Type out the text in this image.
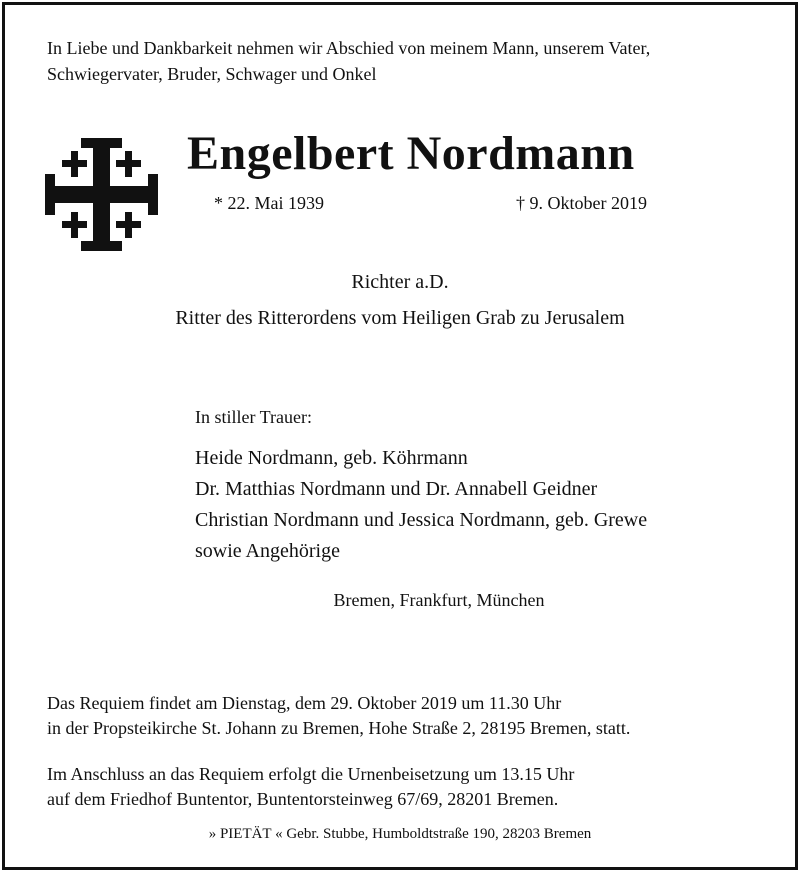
In Liebe und Dankbarkeit nehmen wir Abschied von meinem Mann, unserem Vater,
Schwiegervater, Bruder, Schwager und Onkel
Engelbert Nordmann
* 22. Mai 1939	† 9. Oktober 2019
Richter a.D.
Ritter des Ritterordens vom Heiligen Grab zu Jerusalem
In stiller Trauer:
Heide Nordmann, geb. Köhrmann
Dr. Matthias Nordmann und Dr. Annabell Geidner
Christian Nordmann und Jessica Nordmann, geb. Grewe
sowie Angehörige
Bremen, Frankfurt, München
Das Requiem findet am Dienstag, dem 29. Oktober 2019 um 11.30 Uhr
in der Propsteikirche St. Johann zu Bremen, Hohe Straße 2, 28195 Bremen, statt.
Im Anschluss an das Requiem erfolgt die Urnenbeisetzung um 13.15 Uhr
auf dem Friedhof Buntentor, Buntentorsteinweg 67/69, 28201 Bremen.
» PIETÄT « Gebr. Stubbe, Humboldtstraße 190, 28203 Bremen
